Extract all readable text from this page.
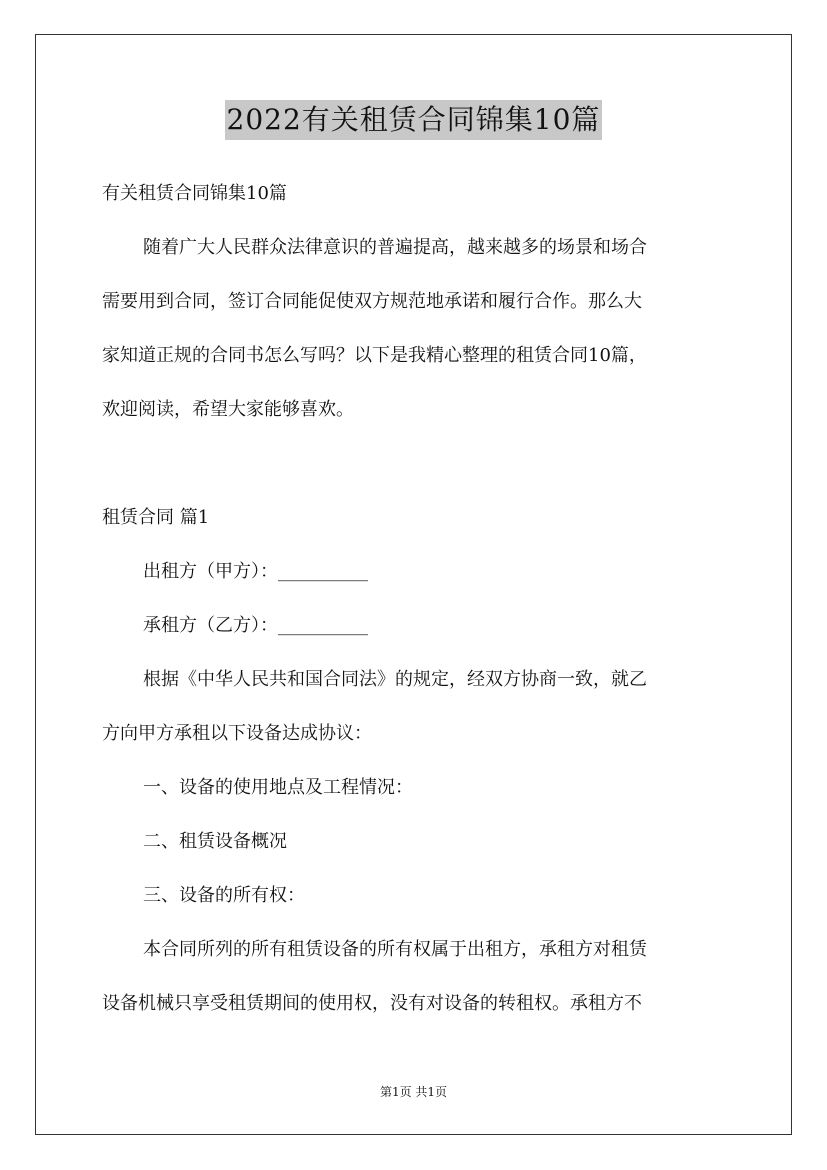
2022有关租赁合同锦集10篇
有关租赁合同锦集10篇
随着广大人民群众法律意识的普遍提高，越来越多的场景和场合
需要用到合同，签订合同能促使双方规范地承诺和履行合作。那么大
家知道正规的合同书怎么写吗？以下是我精心整理的租赁合同10篇，
欢迎阅读，希望大家能够喜欢。
租赁合同 篇1
出租方（甲方）：__________
承租方（乙方）：__________
根据《中华人民共和国合同法》的规定，经双方协商一致，就乙
方向甲方承租以下设备达成协议：
一、设备的使用地点及工程情况：
二、租赁设备概况
三、设备的所有权：
本合同所列的所有租赁设备的所有权属于出租方，承租方对租赁
设备机械只享受租赁期间的使用权，没有对设备的转租权。承租方不
第1页 共1页
